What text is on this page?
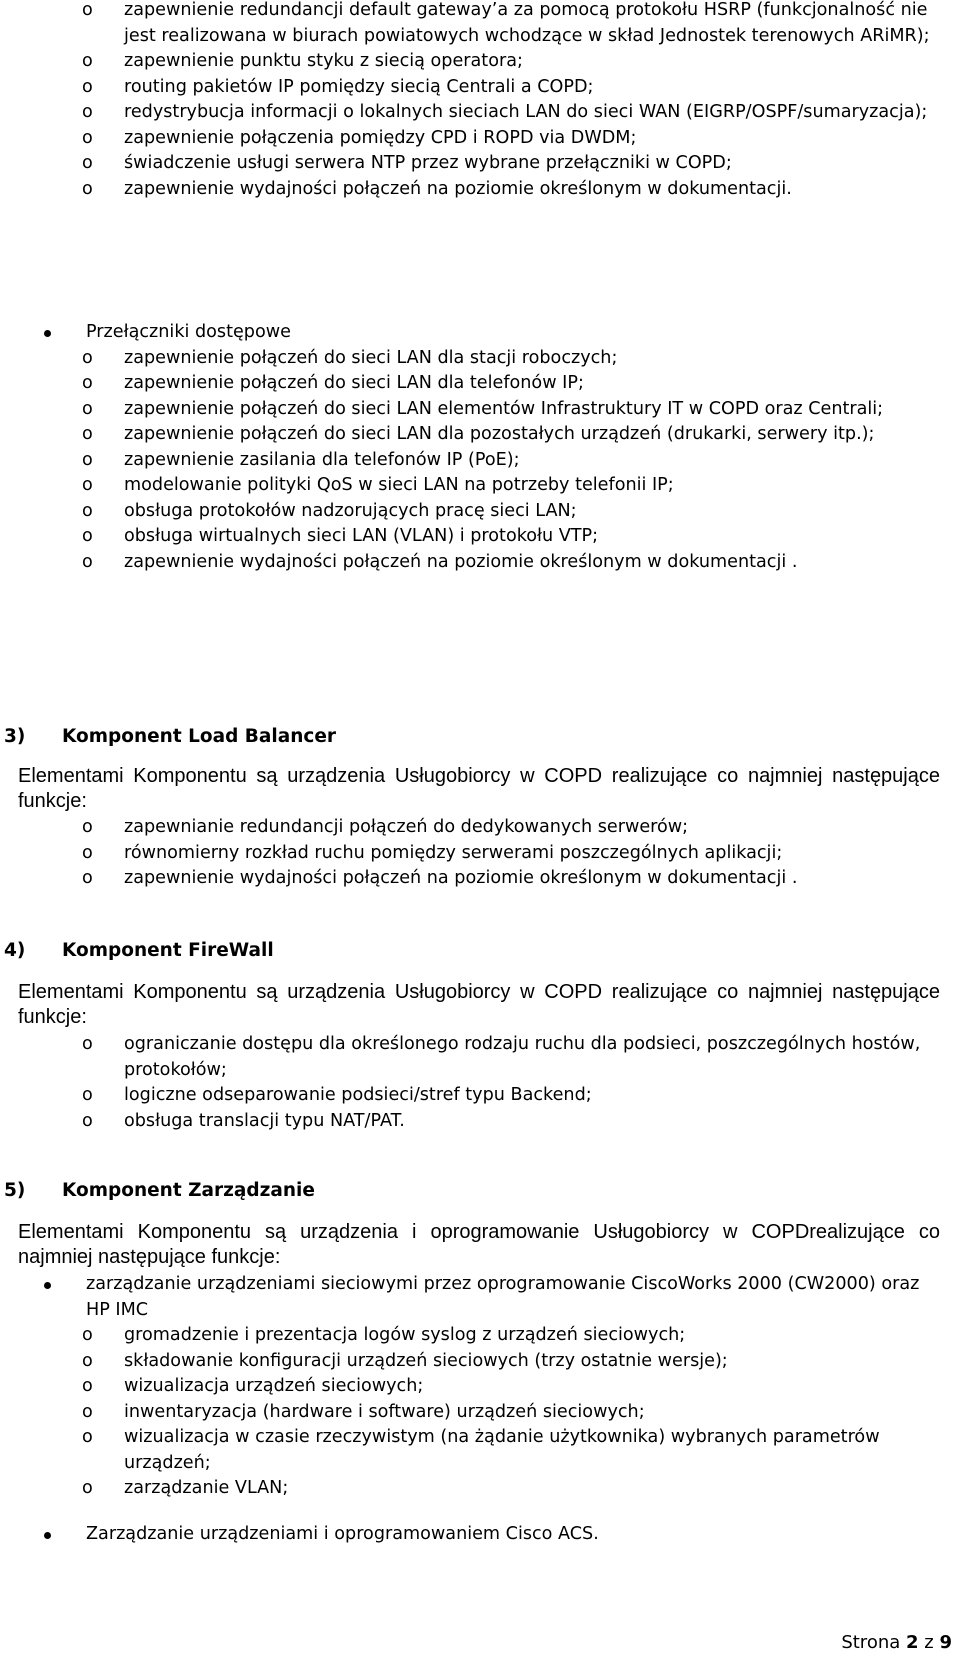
o	zapewnienie redundancji default gateway’a za pomocą protokołu HSRP (funkcjonalność nie jest realizowana w biurach powiatowych wchodzące w skład Jednostek terenowych ARiMR);
o	zapewnienie punktu styku z siecią operatora;
o	routing pakietów IP pomiędzy siecią Centrali a COPD;
o	redystrybucja informacji o lokalnych sieciach LAN do sieci WAN (EIGRP/OSPF/sumaryzacja);
o	zapewnienie połączenia pomiędzy CPD i ROPD via DWDM;
o	świadczenie usługi serwera NTP przez wybrane przełączniki w COPD;
o	zapewnienie wydajności połączeń na poziomie określonym w dokumentacji.
Przełączniki dostępowe
o	zapewnienie połączeń do sieci LAN dla stacji roboczych;
o	zapewnienie połączeń do sieci LAN dla telefonów IP;
o	zapewnienie połączeń do sieci LAN elementów Infrastruktury IT w COPD oraz Centrali;
o	zapewnienie połączeń do sieci LAN dla pozostałych urządzeń (drukarki, serwery itp.);
o	zapewnienie zasilania dla telefonów IP (PoE);
o	modelowanie polityki QoS w sieci LAN na potrzeby telefonii IP;
o	obsługa protokołów nadzorujących pracę sieci LAN;
o	obsługa wirtualnych sieci LAN (VLAN) i protokołu VTP;
o	zapewnienie wydajności połączeń na poziomie określonym w dokumentacji .
3) Komponent Load Balancer
Elementami Komponentu są urządzenia Usługobiorcy w COPD realizujące co najmniej następujące funkcje:
o	zapewnianie redundancji połączeń do dedykowanych serwerów;
o	równomierny rozkład ruchu pomiędzy serwerami poszczególnych aplikacji;
o	zapewnienie wydajności połączeń na poziomie określonym w dokumentacji .
4) Komponent FireWall
Elementami Komponentu są urządzenia Usługobiorcy w COPD realizujące co najmniej następujące funkcje:
o	ograniczanie dostępu dla określonego rodzaju ruchu dla podsieci, poszczególnych hostów, protokołów;
o	logiczne odseparowanie podsieci/stref typu Backend;
o	obsługa translacji typu NAT/PAT.
5) Komponent Zarządzanie
Elementami Komponentu są urządzenia i oprogramowanie Usługobiorcy w COPDrealizujące co najmniej następujące funkcje:
zarządzanie urządzeniami sieciowymi przez oprogramowanie CiscoWorks 2000 (CW2000) oraz HP IMC
o	gromadzenie i prezentacja logów syslog z urządzeń sieciowych;
o	składowanie konfiguracji urządzeń sieciowych (trzy ostatnie wersje);
o	wizualizacja urządzeń sieciowych;
o	inwentaryzacja (hardware i software) urządzeń sieciowych;
o	wizualizacja w czasie rzeczywistym (na żądanie użytkownika) wybranych parametrów urządzeń;
o	zarządzanie VLAN;
Zarządzanie urządzeniami i oprogramowaniem Cisco ACS.
Strona 2 z 9
